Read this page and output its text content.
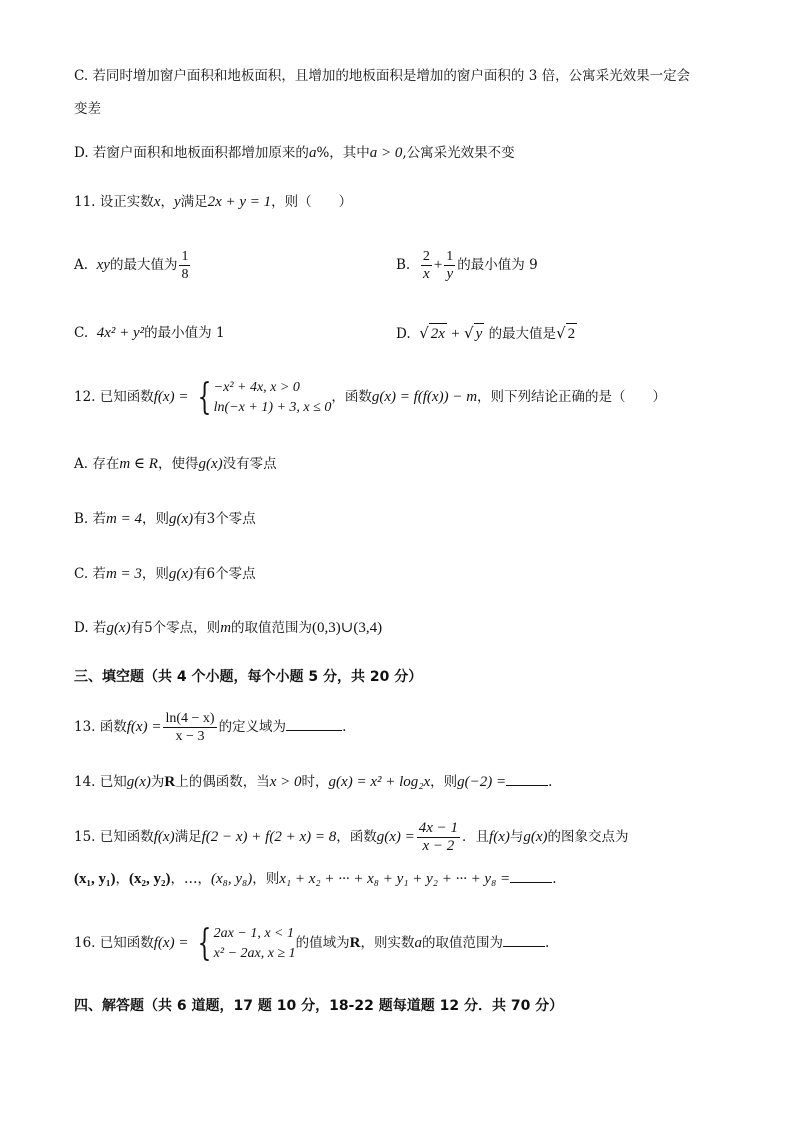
C. 若同时增加窗户面积和地板面积，且增加的地板面积是增加的窗户面积的 3 倍，公寓采光效果一定会
变差
D. 若窗户面积和地板面积都增加原来的a%，其中a > 0,公寓采光效果不变
11. 设正实数x，y满足2x + y = 1，则（　　）
A. xy的最大值为 $\frac{1}{8}$	B. $\frac{2}{x} + \frac{1}{y}$ 的最小值为 9
C. 4x² + y²的最小值为 1	D. √ 2x + √ y 的最大值是√ 2
12. 已知函数f(x) = { −x² + 4x, x > 0
ln(−x + 1) + 3, x ≤ 0
，函数g(x) = f(f(x)) − m，则下列结论正确的是（　　）
A. 存在m ∈ R，使得g(x)没有零点
B. 若m = 4，则g(x)有3个零点
C. 若m = 3，则g(x)有6个零点
D. 若g(x)有5个零点，则m的取值范围为(0,3)∪(3,4)
三、填空题（共 4 个小题，每个小题 5 分，共 20 分）
13. 函数$f(x) = \frac{\ln(4 - x)}{x - 3}$ 的定义域为	.
14. 已知g(x)为R上的偶函数，当x > 0时，g(x) = x² + log₂x，则g(−2) =	.
15. 已知函数f(x)满足f(2 − x) + f(2 + x) = 8，函数$g(x) = \frac{4x - 1}{x - 2}$ ．且f(x)与g(x)的图象交点为
(x₁, y₁)，(x₂, y₂)，…，(x₈, y₈)，则x₁ + x₂ + ··· + x₈ + y₁ + y₂ + ··· + y₈ =	.
16. 已知函数f(x) = { 2ax − 1, x < 1
x² − 2ax, x ≥ 1
的值域为R，则实数a的取值范围为	.
四、解答题（共 6 道题，17 题 10 分，18-22 题每道题 12 分．共 70 分）
